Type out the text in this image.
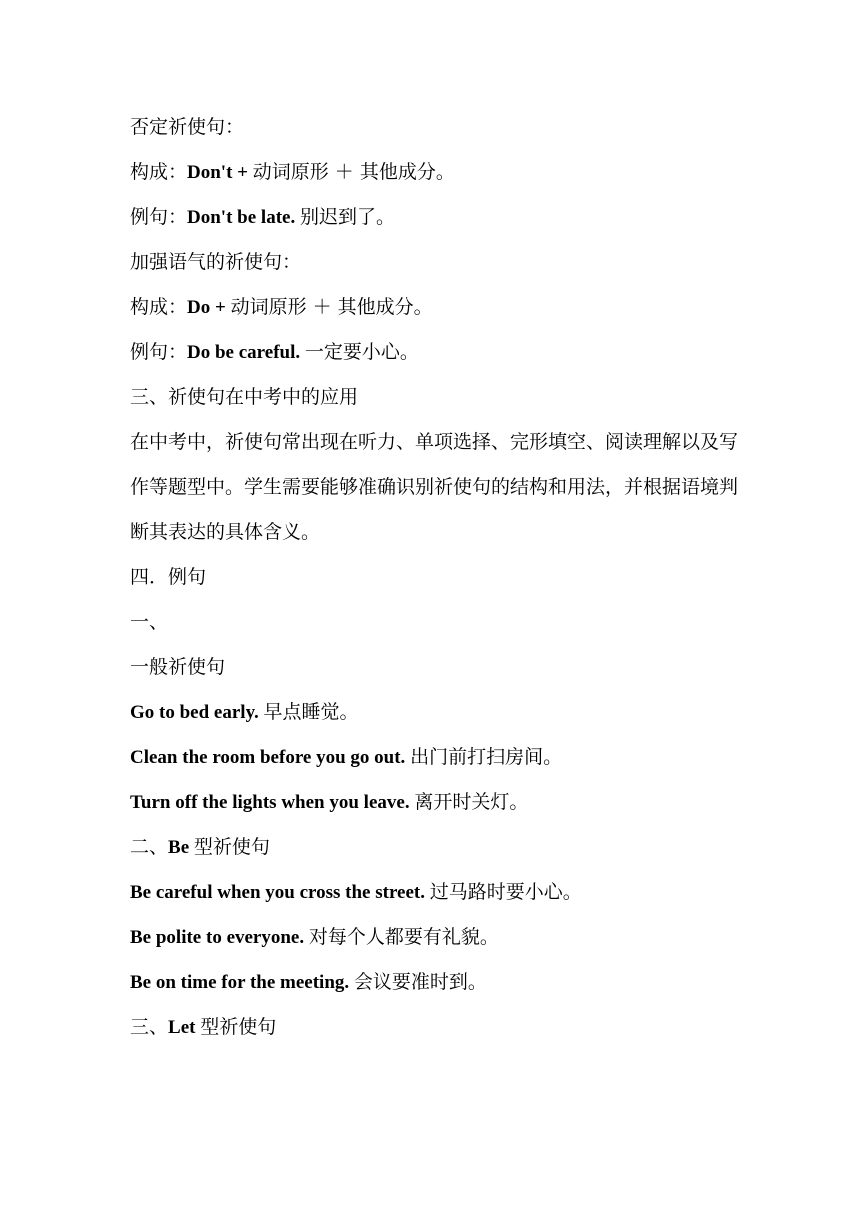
否定祈使句：
构成：Don't + 动词原形 ＋ 其他成分。
例句：Don't be late. 别迟到了。
加强语气的祈使句：
构成：Do + 动词原形 ＋ 其他成分。
例句：Do be careful. 一定要小心。
三、祈使句在中考中的应用
在中考中，祈使句常出现在听力、单项选择、完形填空、阅读理解以及写作等题型中。学生需要能够准确识别祈使句的结构和用法，并根据语境判断其表达的具体含义。
四．例句
一、
一般祈使句
Go to bed early. 早点睡觉。
Clean the room before you go out. 出门前打扫房间。
Turn off the lights when you leave. 离开时关灯。
二、Be 型祈使句
Be careful when you cross the street. 过马路时要小心。
Be polite to everyone. 对每个人都要有礼貌。
Be on time for the meeting. 会议要准时到。
三、Let 型祈使句
